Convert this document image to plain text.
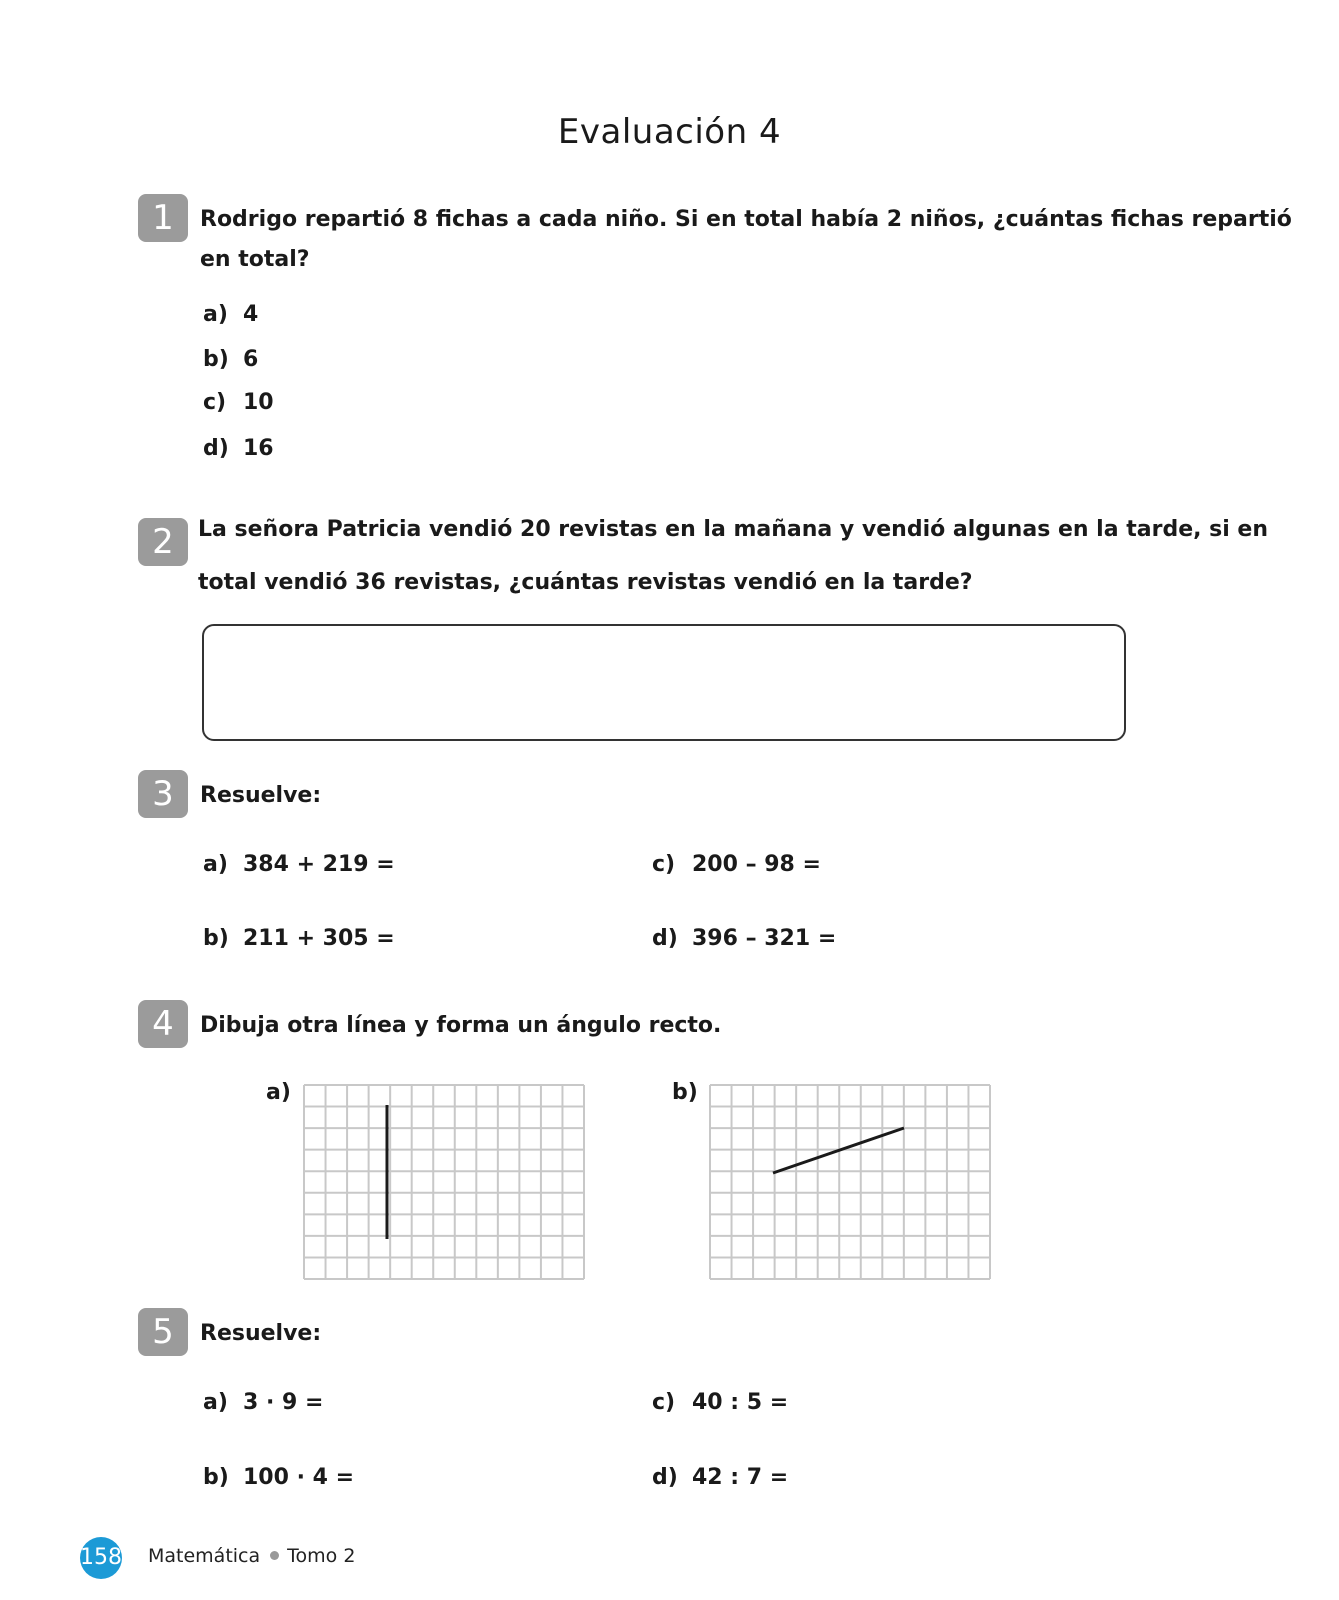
Evaluación 4
1	Rodrigo repartió 8 fichas a cada niño. Si en total había 2 niños, ¿cuántas fichas repartió
en total?
a) 4
b) 6
c) 10
d) 16
2	La señora Patricia vendió 20 revistas en la mañana y vendió algunas en la tarde, si en
total vendió 36 revistas, ¿cuántas revistas vendió en la tarde?
3	Resuelve:
a) 384 + 219 =
b) 211 + 305 =
c) 200 – 98 =
d) 396 – 321 =
4	Dibuja otra línea y forma un ángulo recto.
a)	b)
5	Resuelve:
a) 3 · 9 =
b) 100 · 4 =
c) 40 : 5 =
d) 42 : 7 =
158 Matemática Tomo 2
